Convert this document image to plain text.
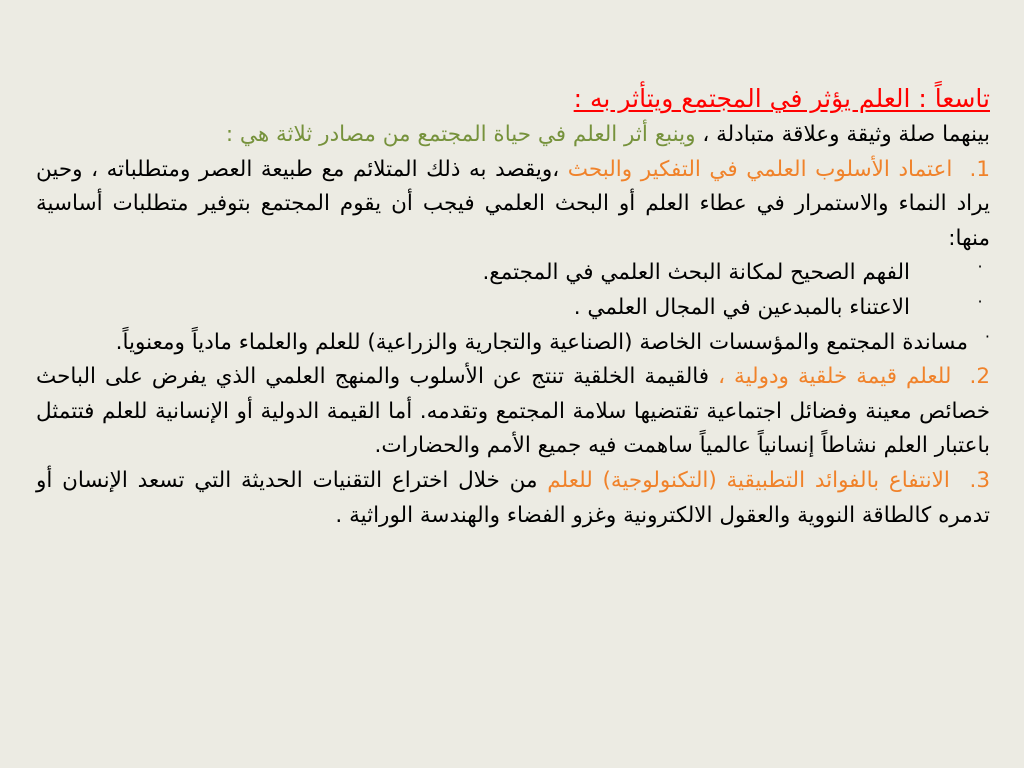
تاسعاً : العلم يؤثر في المجتمع ويتأثر به :

بينهما صلة وثيقة وعلاقة متبادلة ، وينبع أثر العلم في حياة المجتمع من مصادر ثلاثة هي :

1.  اعتماد الأسلوب العلمي في التفكير والبحث ،ويقصد به ذلك المتلائم مع طبيعة العصر ومتطلباته ، وحين يراد النماء والاستمرار في عطاء العلم أو البحث العلمي فيجب أن يقوم المجتمع بتوفير متطلبات أساسية منها:

·
الفهم الصحيح لمكانة البحث العلمي في المجتمع.

·
الاعتناء بالمبدعين في المجال العلمي .

·
مساندة المجتمع والمؤسسات الخاصة (الصناعية والتجارية والزراعية) للعلم والعلماء مادياً ومعنوياً.

2.  للعلم قيمة خلقية ودولية ، فالقيمة الخلقية تنتج عن الأسلوب والمنهج العلمي الذي يفرض على الباحث خصائص معينة وفضائل اجتماعية تقتضيها سلامة المجتمع وتقدمه. أما القيمة الدولية أو الإنسانية للعلم فتتمثل باعتبار العلم نشاطاً إنسانياً عالمياً ساهمت فيه جميع الأمم والحضارات.

3.  الانتفاع بالفوائد التطبيقية (التكنولوجية) للعلم من خلال اختراع التقنيات الحديثة التي تسعد الإنسان أو تدمره كالطاقة النووية والعقول الالكترونية وغزو الفضاء والهندسة الوراثية .
